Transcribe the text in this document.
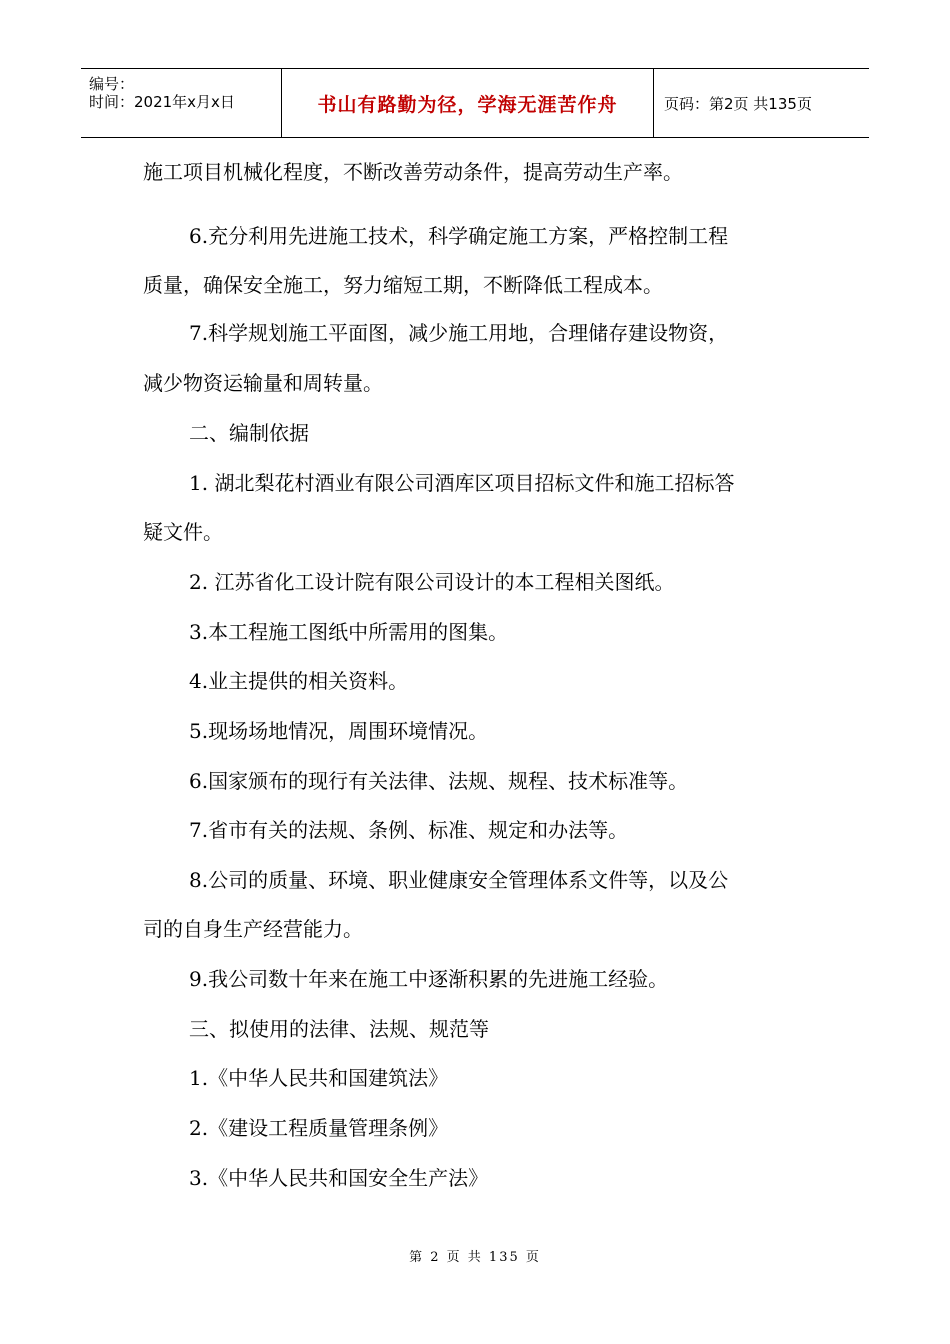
编号：
时间：2021年x月x日	书山有路勤为径，学海无涯苦作舟	页码：第2页 共135页
施工项目机械化程度，不断改善劳动条件，提高劳动生产率。
6.充分利用先进施工技术，科学确定施工方案，严格控制工程
质量，确保安全施工，努力缩短工期，不断降低工程成本。
7.科学规划施工平面图，减少施工用地，合理储存建设物资，
减少物资运输量和周转量。
二、编制依据
1. 湖北梨花村酒业有限公司酒库区项目招标文件和施工招标答
疑文件。
2. 江苏省化工设计院有限公司设计的本工程相关图纸。
3.本工程施工图纸中所需用的图集。
4.业主提供的相关资料。
5.现场场地情况，周围环境情况。
6.国家颁布的现行有关法律、法规、规程、技术标准等。
7.省市有关的法规、条例、标准、规定和办法等。
8.公司的质量、环境、职业健康安全管理体系文件等，以及公
司的自身生产经营能力。
9.我公司数十年来在施工中逐渐积累的先进施工经验。
三、拟使用的法律、法规、规范等
1.《中华人民共和国建筑法》
2.《建设工程质量管理条例》
3.《中华人民共和国安全生产法》
第 2 页 共 135 页
